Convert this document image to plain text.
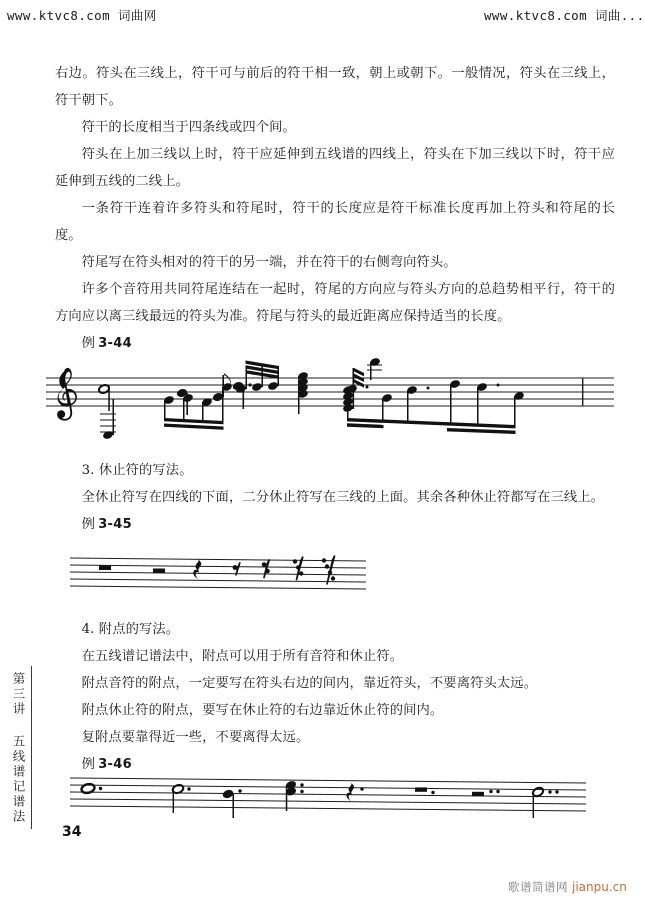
www.ktvc8.com 词曲网	www.ktvc8.com 词曲...

右边。符头在三线上，符干可与前后的符干相一致，朝上或朝下。一般情况，符头在三线上，符干朝下。

符干的长度相当于四条线或四个间。

符头在上加三线以上时，符干应延伸到五线谱的四线上，符头在下加三线以下时，符干应延伸到五线的二线上。

一条符干连着许多符头和符尾时，符干的长度应是符干标准长度再加上符头和符尾的长度。

符尾写在符头相对的符干的另一端，并在符干的右侧弯向符头。

许多个音符用共同符尾连结在一起时，符尾的方向应与符头方向的总趋势相平行，符干的方向应以离三线最远的符头为准。符尾与符头的最近距离应保持适当的长度。

例 3-44

3. 休止符的写法。

全休止符写在四线的下面，二分休止符写在三线的上面。其余各种休止符都写在三线上。

例 3-45

4. 附点的写法。

在五线谱记谱法中，附点可以用于所有音符和休止符。

附点音符的附点，一定要写在符头右边的间内，靠近符头，不要离符头太远。

附点休止符的附点，要写在休止符的右边靠近休止符的间内。

复附点要靠得近一些，不要离得太远。

例 3-46

第三讲 五线谱记谱法
34
歌谱简谱网 jianpu.cn
